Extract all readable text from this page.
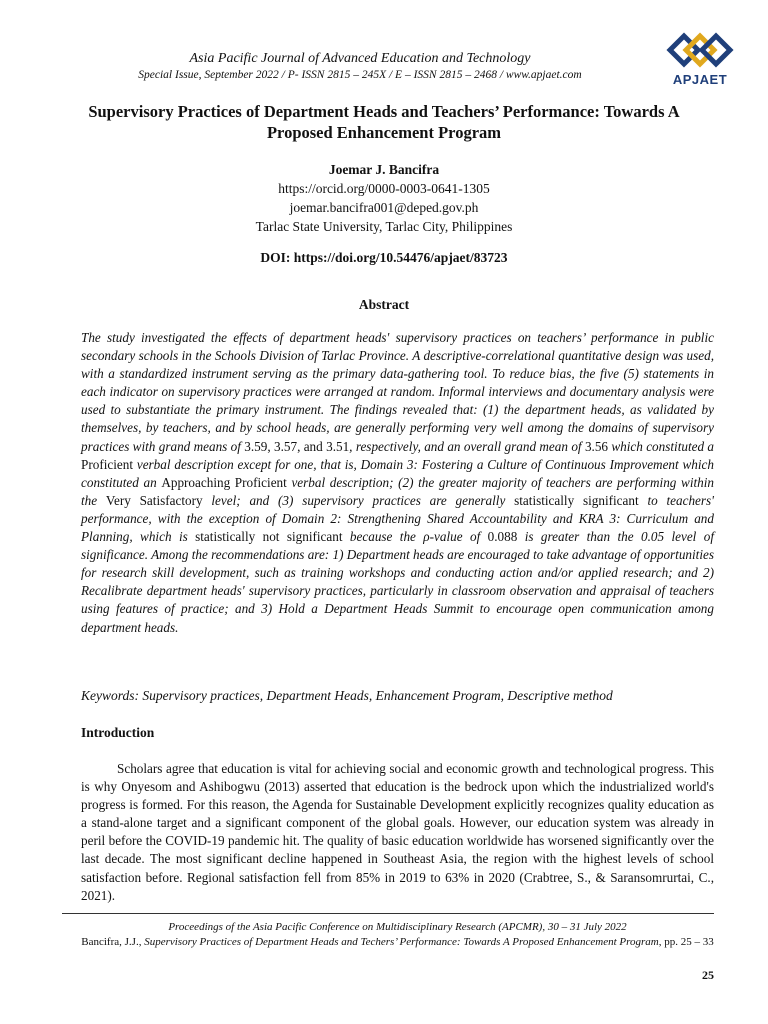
Asia Pacific Journal of Advanced Education and Technology
Special Issue, September 2022 / P- ISSN 2815 – 245X / E – ISSN 2815 – 2468 / www.apjaet.com	APJAET
Supervisory Practices of Department Heads and Teachers’ Performance: Towards A Proposed Enhancement Program
Joemar J. Bancifra
https://orcid.org/0000-0003-0641-1305
joemar.bancifra001@deped.gov.ph
Tarlac State University, Tarlac City, Philippines
DOI: https://doi.org/10.54476/apjaet/83723
Abstract

The study investigated the effects of department heads' supervisory practices on teachers’ performance in public secondary schools in the Schools Division of Tarlac Province. A descriptive-correlational quantitative design was used, with a standardized instrument serving as the primary data-gathering tool. To reduce bias, the five (5) statements in each indicator on supervisory practices were arranged at random. Informal interviews and documentary analysis were used to substantiate the primary instrument. The findings revealed that: (1) the department heads, as validated by themselves, by teachers, and by school heads, are generally performing very well among the domains of supervisory practices with grand means of 3.59, 3.57, and 3.51, respectively, and an overall grand mean of 3.56 which constituted a Proficient verbal description except for one, that is, Domain 3: Fostering a Culture of Continuous Improvement which constituted an Approaching Proficient verbal description; (2) the greater majority of teachers are performing within the Very Satisfactory level; and (3) supervisory practices are generally statistically significant to teachers' performance, with the exception of Domain 2: Strengthening Shared Accountability and KRA 3: Curriculum and Planning, which is statistically not significant because the ρ-value of 0.088 is greater than the 0.05 level of significance. Among the recommendations are: 1) Department heads are encouraged to take advantage of opportunities for research skill development, such as training workshops and conducting action and/or applied research; and 2) Recalibrate department heads' supervisory practices, particularly in classroom observation and appraisal of teachers using features of practice; and 3) Hold a Department Heads Summit to encourage open communication among department heads.

Keywords: Supervisory practices, Department Heads, Enhancement Program, Descriptive method

Introduction

Scholars agree that education is vital for achieving social and economic growth and technological progress. This is why Onyesom and Ashibogwu (2013) asserted that education is the bedrock upon which the industrialized world's progress is formed. For this reason, the Agenda for Sustainable Development explicitly recognizes quality education as a stand-alone target and a significant component of the global goals. However, our education system was already in peril before the COVID-19 pandemic hit. The quality of basic education worldwide has worsened significantly over the last decade. The most significant decline happened in Southeast Asia, the region with the highest levels of school satisfaction before. Regional satisfaction fell from 85% in 2019 to 63% in 2020 (Crabtree, S., & Saransomrurtai, C., 2021).

Proceedings of the Asia Pacific Conference on Multidisciplinary Research (APCMR), 30 – 31 July 2022
Bancifra, J.J., Supervisory Practices of Department Heads and Techers’ Performance: Towards A Proposed Enhancement Program, pp. 25 – 33
25
